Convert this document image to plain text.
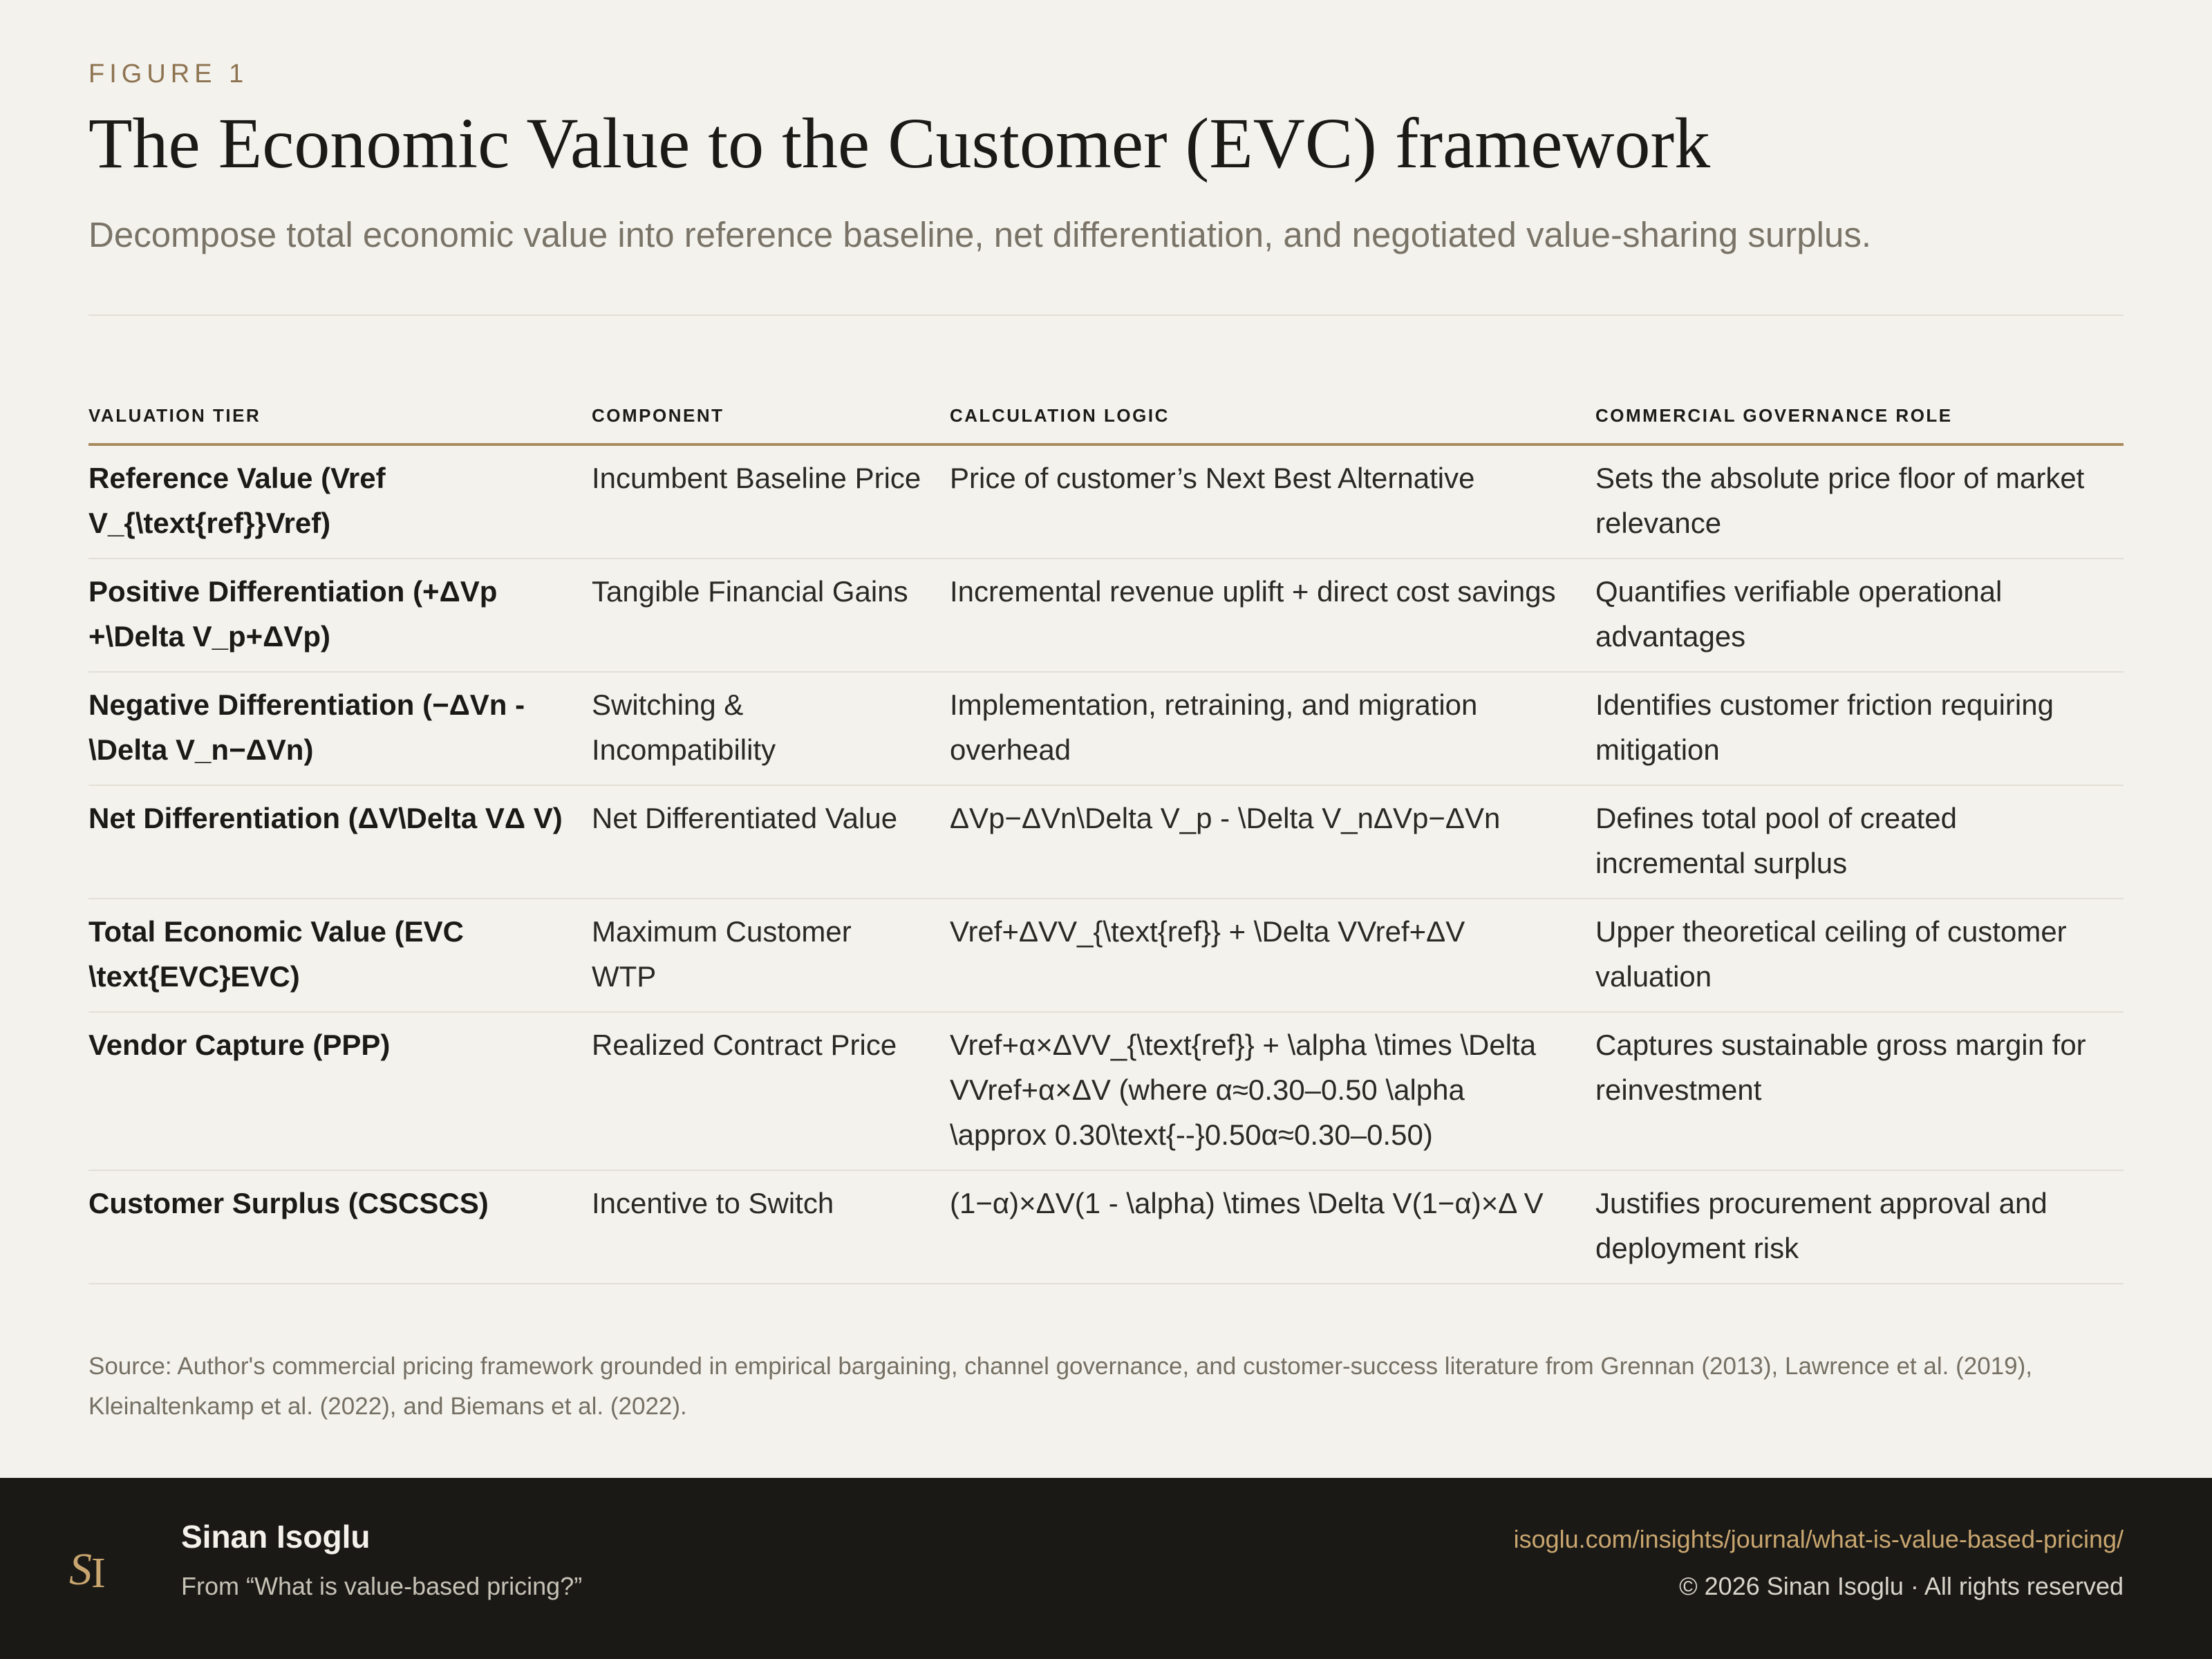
FIGURE 1
The Economic Value to the Customer (EVC) framework
Decompose total economic value into reference baseline, net differentiation, and negotiated value-sharing surplus.
VALUATION TIER	COMPONENT	CALCULATION LOGIC	COMMERCIAL GOVERNANCE ROLE
Reference Value (Vref V_{\text{ref}}Vref)	Incumbent Baseline Price	Price of customer’s Next Best Alternative	Sets the absolute price floor of market relevance
Positive Differentiation (+ΔVp +\Delta V_p+ΔVp)	Tangible Financial Gains	Incremental revenue uplift + direct cost savings	Quantifies verifiable operational advantages
Negative Differentiation (−ΔVn -\Delta V_n−ΔVn)	Switching & Incompatibility	Implementation, retraining, and migration overhead	Identifies customer friction requiring mitigation
Net Differentiation (ΔV\Delta VΔ V)	Net Differentiated Value	ΔVp−ΔVn\Delta V_p - \Delta V_nΔVp−ΔVn	Defines total pool of created incremental surplus
Total Economic Value (EVC \text{EVC}EVC)	Maximum Customer WTP	Vref+ΔVV_{\text{ref}} + \Delta VVref+ΔV	Upper theoretical ceiling of customer valuation
Vendor Capture (PPP)	Realized Contract Price	Vref+α×ΔVV_{\text{ref}} + \alpha \times \Delta VVref+α×ΔV (where α≈0.30–0.50 \alpha \approx 0.30\text{--}0.50α≈0.30–0.50)	Captures sustainable gross margin for reinvestment
Customer Surplus (CSCSCS)	Incentive to Switch	(1−α)×ΔV(1 - \alpha) \times \Delta V(1−α)×Δ V	Justifies procurement approval and deployment risk
Source: Author's commercial pricing framework grounded in empirical bargaining, channel governance, and customer-success literature from Grennan (2013), Lawrence et al. (2019), Kleinaltenkamp et al. (2022), and Biemans et al. (2022).
S I
Sinan Isoglu
From “What is value-based pricing?”
isoglu.com/insights/journal/what-is-value-based-pricing/
© 2026 Sinan Isoglu · All rights reserved
